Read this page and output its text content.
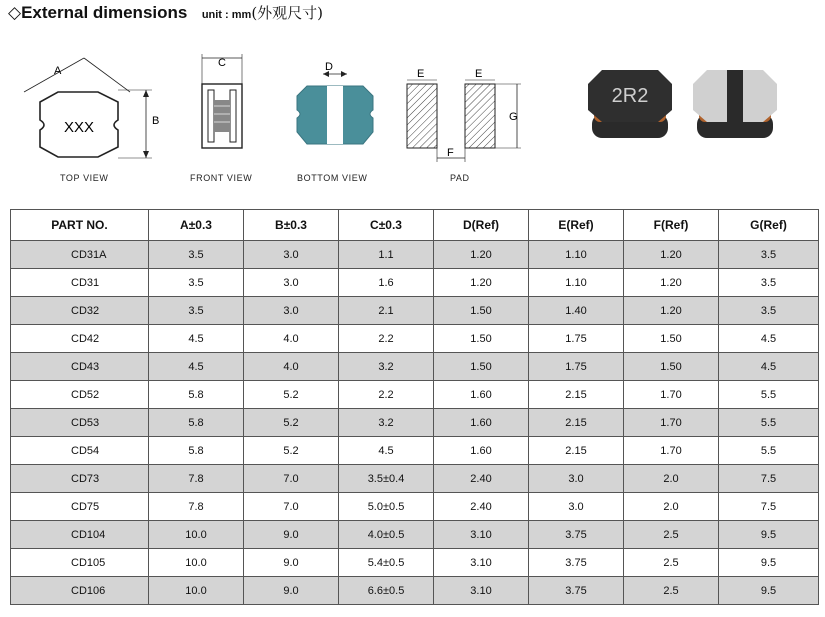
◇External dimensions unit : mm(外观尺寸)
A
B
XXX
TOP VIEW
C
FRONT VIEW
D
BOTTOM VIEW
E	E
G
F
PAD
2R2
PART NO.	A±0.3	B±0.3	C±0.3	D(Ref)	E(Ref)	F(Ref)	G(Ref)
CD31A	3.5	3.0	1.1	1.20	1.10	1.20	3.5
CD31	3.5	3.0	1.6	1.20	1.10	1.20	3.5
CD32	3.5	3.0	2.1	1.50	1.40	1.20	3.5
CD42	4.5	4.0	2.2	1.50	1.75	1.50	4.5
CD43	4.5	4.0	3.2	1.50	1.75	1.50	4.5
CD52	5.8	5.2	2.2	1.60	2.15	1.70	5.5
CD53	5.8	5.2	3.2	1.60	2.15	1.70	5.5
CD54	5.8	5.2	4.5	1.60	2.15	1.70	5.5
CD73	7.8	7.0	3.5±0.4	2.40	3.0	2.0	7.5
CD75	7.8	7.0	5.0±0.5	2.40	3.0	2.0	7.5
CD104	10.0	9.0	4.0±0.5	3.10	3.75	2.5	9.5
CD105	10.0	9.0	5.4±0.5	3.10	3.75	2.5	9.5
CD106	10.0	9.0	6.6±0.5	3.10	3.75	2.5	9.5
